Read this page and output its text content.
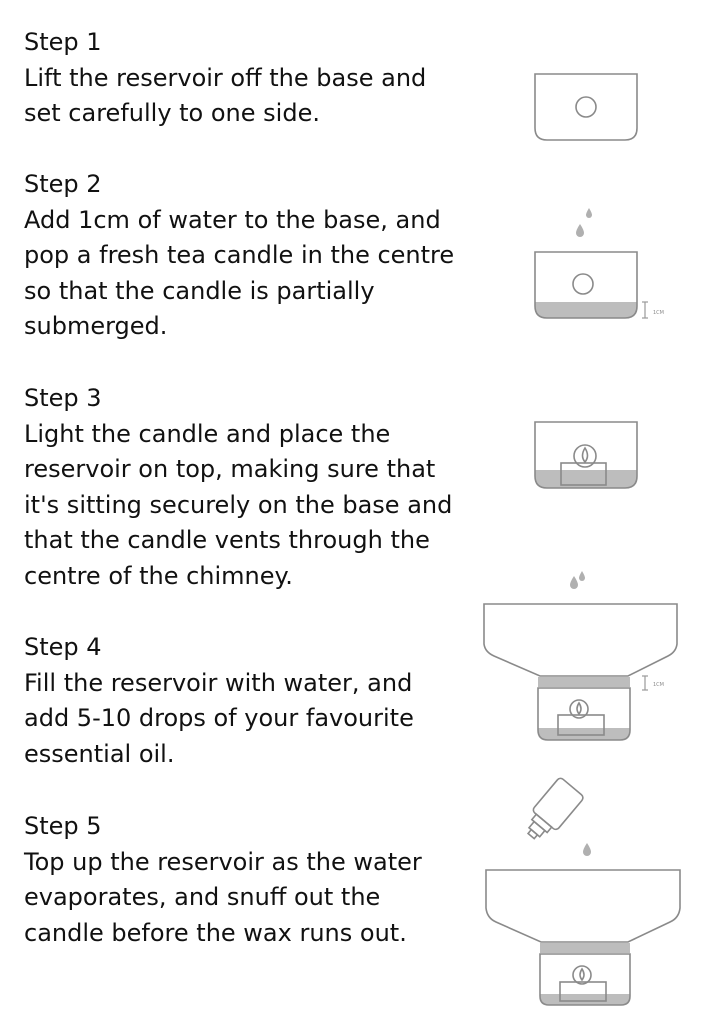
Step 1
Lift the reservoir off the base and set carefully to one side.
Step 2
Add 1cm of water to the base, and pop a fresh tea candle in the centre so that the candle is partially submerged.
Step 3
Light the candle and place the reservoir on top, making sure that it's sitting securely on the base and that the candle vents through the centre of the chimney.
Step 4
Fill the reservoir with water, and add 5-10 drops of your favourite essential oil.
Step 5
Top up the reservoir as the water evaporates, and snuff out the candle before the wax runs out.
1CM
1CM
